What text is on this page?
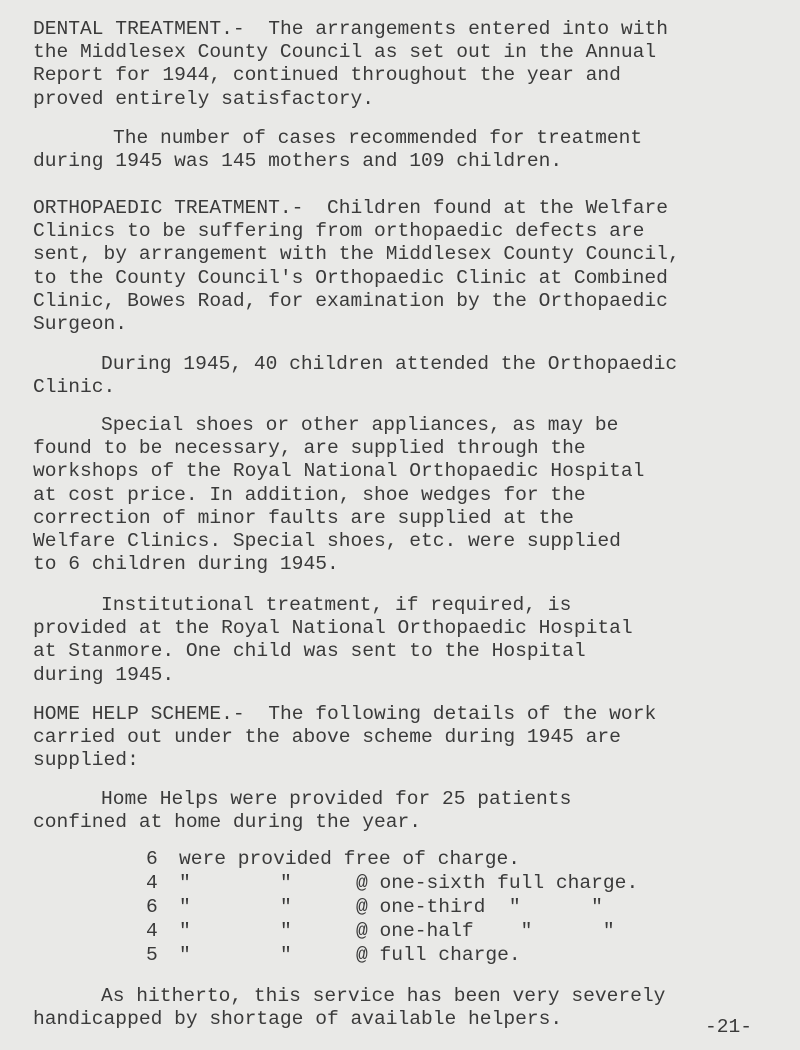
DENTAL TREATMENT.- The arrangements entered into with
the Middlesex County Council as set out in the Annual
Report for 1944, continued throughout the year and
proved entirely satisfactory.

The number of cases recommended for treatment
during 1945 was 145 mothers and 109 children.

ORTHOPAEDIC TREATMENT.- Children found at the Welfare
Clinics to be suffering from orthopaedic defects are
sent, by arrangement with the Middlesex County Council,
to the County Council's Orthopaedic Clinic at Combined
Clinic, Bowes Road, for examination by the Orthopaedic
Surgeon.

During 1945, 40 children attended the Orthopaedic
Clinic.

Special shoes or other appliances, as may be
found to be necessary, are supplied through the
workshops of the Royal National Orthopaedic Hospital
at cost price. In addition, shoe wedges for the
correction of minor faults are supplied at the
Welfare Clinics. Special shoes, etc. were supplied
to 6 children during 1945.

Institutional treatment, if required, is
provided at the Royal National Orthopaedic Hospital
at Stanmore. One child was sent to the Hospital
during 1945.

HOME HELP SCHEME.- The following details of the work
carried out under the above scheme during 1945 are
supplied:

Home Helps were provided for 25 patients
confined at home during the year.

6 were provided free of charge.
4 "	"	@ one-sixth full charge.
6 "	"	@ one-third  "      "
4 "	"	@ one-half    "      "
5 "	"	@ full charge.

As hitherto, this service has been very severely
handicapped by shortage of available helpers.	-21-
